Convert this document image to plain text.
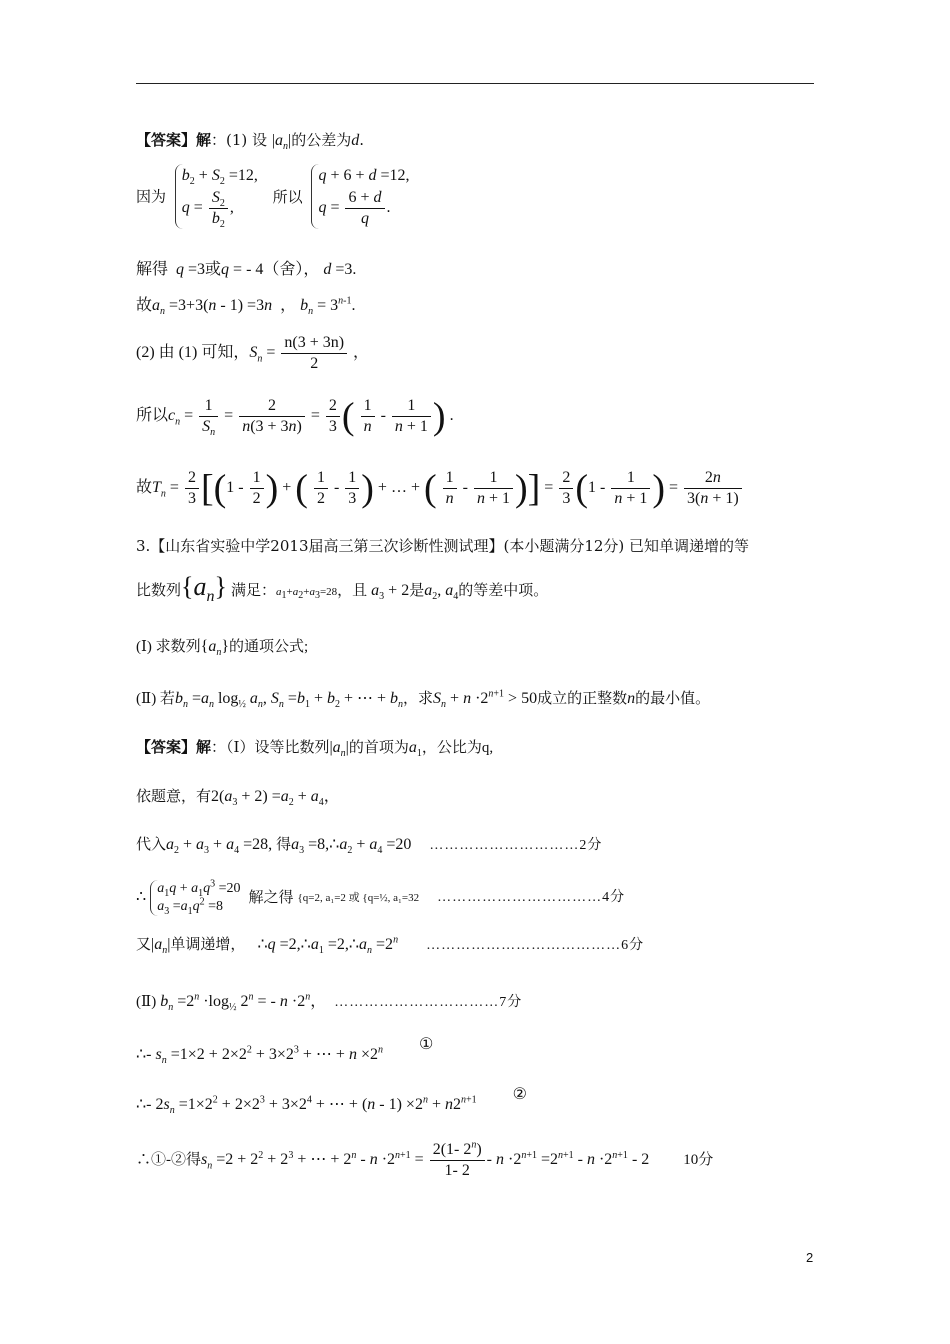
【答案】解：(1) 设 $|a_n|$的公差为d.
因为
$b_2 + S_2 =12$,
$q = \frac{S_2}{b_2}$ ,
所以
q + 6 + d =12,
$q = \frac{6 + d}{q}$ .
解得  q =3或q = - 4（舍）， d =3.
故$a_n =3+3(n - 1) =3n$  ， $b_n = 3^{n-1}$.
(2) 由 (1) 可知，$S_n = \frac{n(3 + 3n)}{2}$ ，
所以$c_n = \frac{1}{S_n} = \frac{2}{n(3 + 3n)} = \frac{2}{3}$ ( $\frac{1}{n} - \frac{1}{n + 1}$ ) .
故$T_n = \frac{2}{3} [(1 - \frac{1}{2}$ ) + ( $\frac{1}{2} - \frac{1}{3}$ ) + … + ( $\frac{1}{n} - \frac{1}{n + 1}$ )] = $\frac{2}{3} (1 - \frac{1}{n + 1}$ ) = $\frac{2n}{3(n + 1)}$
3.【山东省实验中学2013届高三第三次诊断性测试理】(本小题满分12分) 已知单调递增的等
比数列$\{a_n\}$ 满足：$a_1+a_2+a_3=28$，且 $a_3 + 2$是$a_2$, $a_4$的等差中项。
(Ⅰ) 求数列$\{a_n\}$的通项公式;
(Ⅱ) 若$b_n =a_n$ $\log_{\frac{1}{2}} a_n$, $S_n =b_1 + b_2$ + ⋯ + $b_n$，求$S_n + n \cdot 2^{n+1} > 50$成立的正整数n的最小值。
【答案】解：（Ⅰ）设等比数列$|a_n|$的首项为$a_1$，公比为q,
依题意，有$2(a_3 + 2) =a_2 + a_4$，
代入$a_2 + a_3 + a_4 =28$, 得$a_3$ $=8,\therefore a_2 + a_4 =20$ …………………………2分
∴
$a_1q + a_1q^3 =20$
$a_3 =a_1q^2 =8$
解之得 {q=2, a₁=2 或 {q=½, a₁=32 ……………………………4分
又$|a_n|$单调递增，   ∴q $=2,\therefore a_1$ $=2,\therefore a_n =2^n$ …………………………………6分
(Ⅱ) $b_n =2^n \cdot\log_{\frac{1}{2}}$ $2^n$ = - $n \cdot 2^n$， ……………………………7分
∴- $s_n =1\times 2 + 2\times 2^2 + 3\times 2^3$ + ⋯ + $n \times 2^n$ ①
∴- $2s_n =1\times 2^2 + 2\times 2^3 + 3\times 2^4$ + ⋯ + $(n - 1) \times 2^n + n2^{n+1}$ ②
∴①-②得$s_n =2 + 2^2 + 2^3$ + ⋯ + $2^n - n \cdot 2^{n+1} = \frac{2(1- 2^n)}{1- 2} - n \cdot 2^{n+1} =2^{n+1} - n \cdot 2^{n+1} - 2$ 10分
2
